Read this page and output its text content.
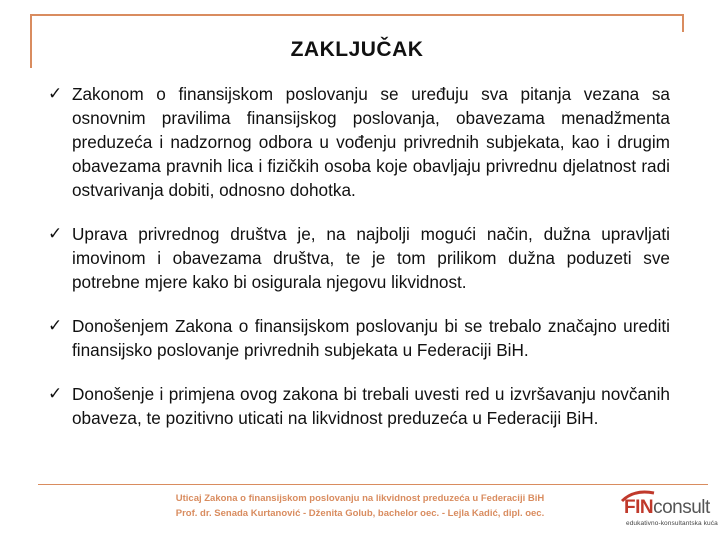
ZAKLJUČAK
✓ Zakonom o finansijskom poslovanju se uređuju sva pitanja vezana sa osnovnim pravilima finansijskog poslovanja, obavezama menadžmenta preduzeća i nadzornog odbora u vođenju privrednih subjekata, kao i drugim obavezama pravnih lica i fizičkih osoba koje obavljaju privrednu djelatnost radi ostvarivanja dobiti, odnosno dohotka.
✓ Uprava privrednog društva je, na najbolji mogući način, dužna upravljati imovinom i obavezama društva, te je tom prilikom dužna poduzeti sve potrebne mjere kako bi osigurala njegovu likvidnost.
✓ Donošenjem Zakona o finansijskom poslovanju bi se trebalo značajno urediti finansijsko poslovanje privrednih subjekata u Federaciji BiH.
✓ Donošenje i primjena ovog zakona bi trebali uvesti red u izvršavanju novčanih obaveza, te pozitivno uticati na likvidnost preduzeća u Federaciji BiH.
Uticaj Zakona o finansijskom poslovanju na likvidnost preduzeća u Federaciji BiH
Prof. dr. Senada Kurtanović - Dženita Golub, bachelor oec. - Lejla Kadić, dipl. oec.	FINconsult
edukativno-konsultantska kuća
